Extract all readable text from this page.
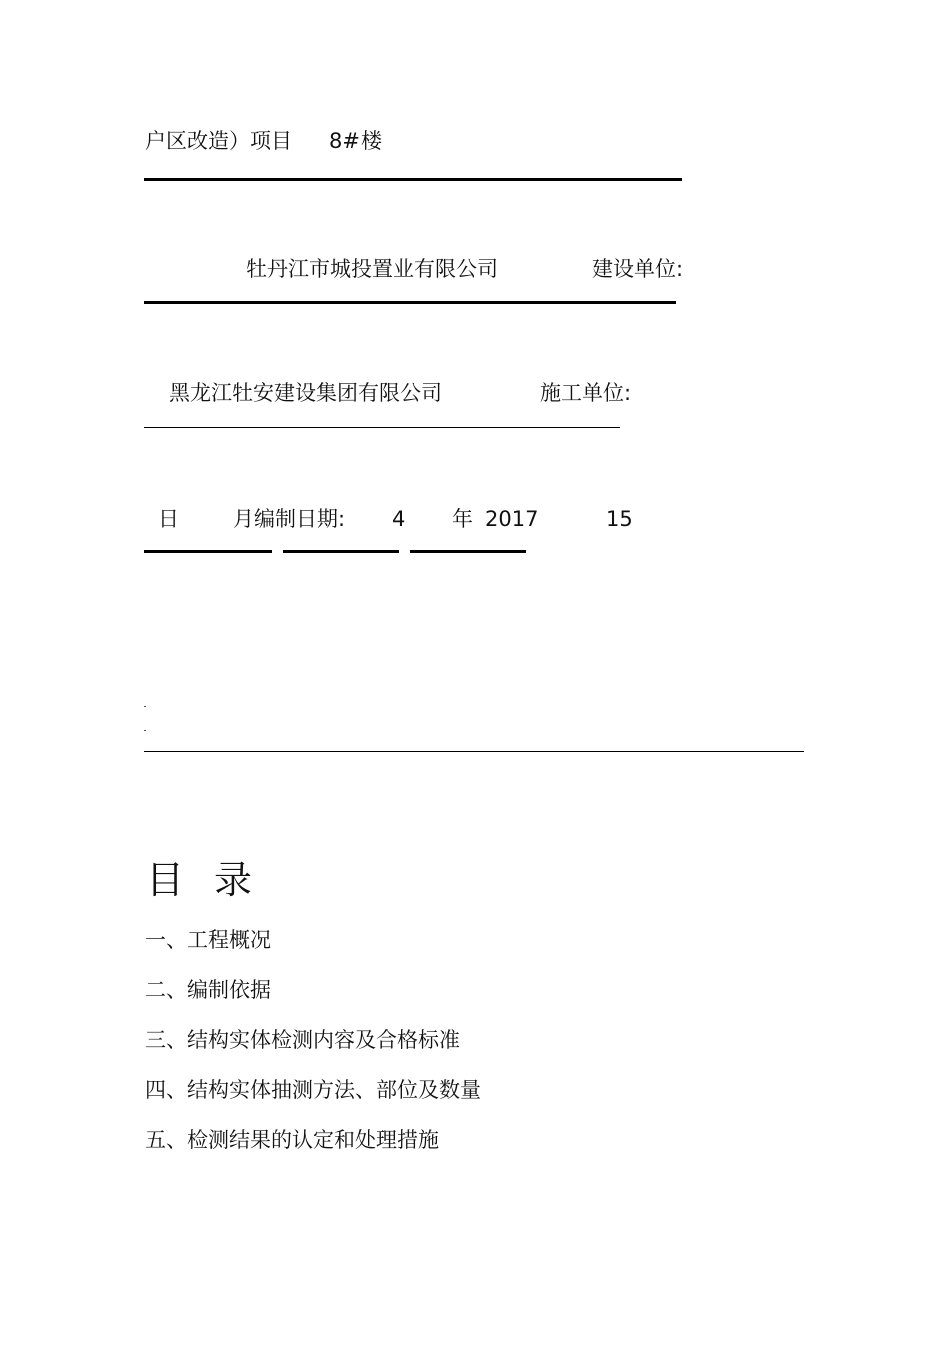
户区改造）项目 8# 楼
牡丹江市城投置业有限公司	建设单位:
黑龙江牡安建设集团有限公司	施工单位:
日	月编制日期: 4 年 2017	15
目录
一、工程概况
二、编制依据
三、结构实体检测内容及合格标准
四、结构实体抽测方法、部位及数量
五、检测结果的认定和处理措施
